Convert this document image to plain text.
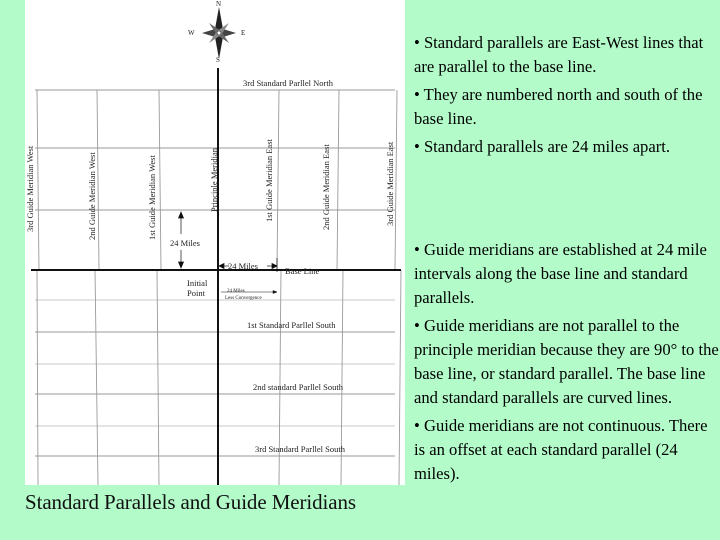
N
E
S
W
3rd Standard Parllel North
1st Standard Parllel South
2nd standard Parllel South
3rd Standard Parllel South
3rd Guide Meridian West	2nd Guide Meridian West	1st Guide Meridian West	Principle Meridian	1st Guide Meridian East	2nd Guide Meridian East	3rd Guide Meridian East
Base Line
24 Miles
24 Miles
Initial
Point	24 Miles
Less Convergence
Standard Parallels and Guide Meridians

• Standard parallels are East-West lines that are parallel to the base line.

• They are numbered north and south of the base line.

• Standard parallels are 24 miles apart.

• Guide meridians are established at 24 mile intervals along the base line and standard parallels.

• Guide meridians are not parallel to the principle meridian because they are 90° to the base line, or standard parallel. The base line and standard parallels are curved lines.

• Guide meridians are not continuous. There is an offset at each standard parallel (24 miles).
